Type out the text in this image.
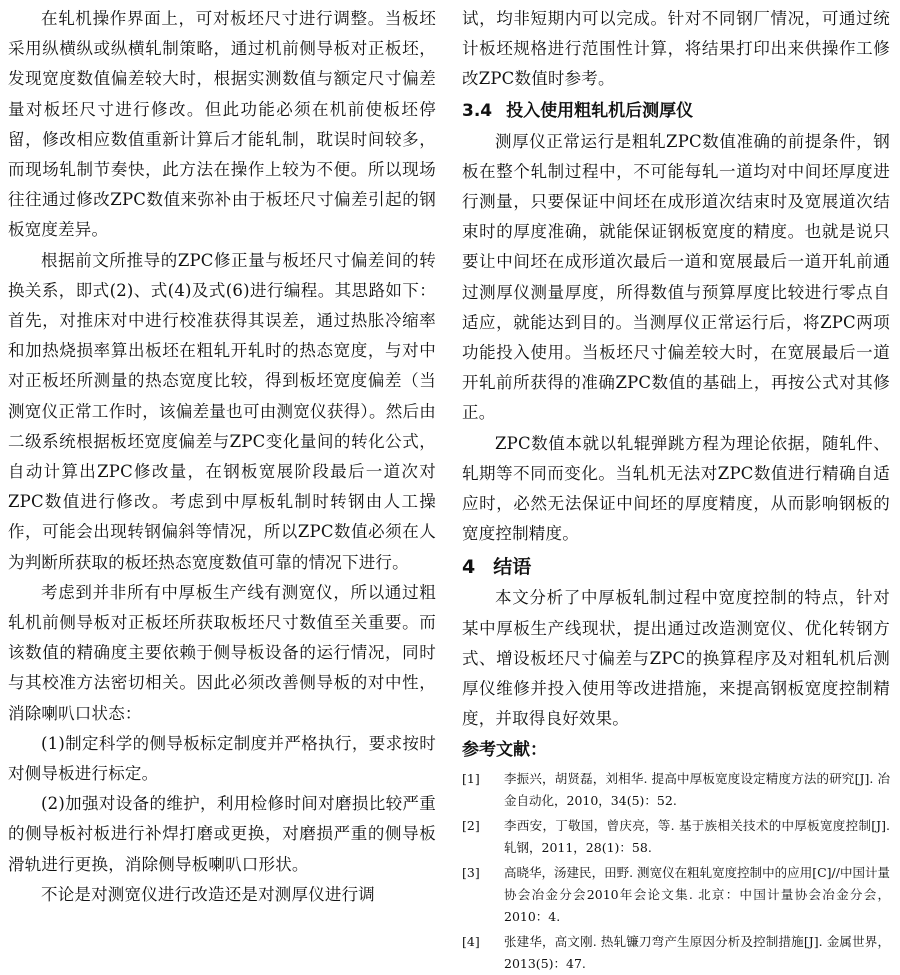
在轧机操作界面上，可对板坯尺寸进行调整。当板坯采用纵横纵或纵横轧制策略，通过机前侧导板对正板坯，发现宽度数值偏差较大时，根据实测数值与额定尺寸偏差量对板坯尺寸进行修改。但此功能必须在机前使板坯停留，修改相应数值重新计算后才能轧制，耽误时间较多，而现场轧制节奏快，此方法在操作上较为不便。所以现场往往通过修改ZPC数值来弥补由于板坯尺寸偏差引起的钢板宽度差异。

根据前文所推导的ZPC修正量与板坯尺寸偏差间的转换关系，即式(2)、式(4)及式(6)进行编程。其思路如下：首先，对推床对中进行校准获得其误差，通过热胀冷缩率和加热烧损率算出板坯在粗轧开轧时的热态宽度，与对中对正板坯所测量的热态宽度比较，得到板坯宽度偏差（当测宽仪正常工作时，该偏差量也可由测宽仪获得）。然后由二级系统根据板坯宽度偏差与ZPC变化量间的转化公式，自动计算出ZPC修改量，在钢板宽展阶段最后一道次对ZPC数值进行修改。考虑到中厚板轧制时转钢由人工操作，可能会出现转钢偏斜等情况，所以ZPC数值必须在人为判断所获取的板坯热态宽度数值可靠的情况下进行。

考虑到并非所有中厚板生产线有测宽仪，所以通过粗轧机前侧导板对正板坯所获取板坯尺寸数值至关重要。而该数值的精确度主要依赖于侧导板设备的运行情况，同时与其校准方法密切相关。因此必须改善侧导板的对中性，消除喇叭口状态：

(1)制定科学的侧导板标定制度并严格执行，要求按时对侧导板进行标定。

(2)加强对设备的维护，利用检修时间对磨损比较严重的侧导板衬板进行补焊打磨或更换，对磨损严重的侧导板滑轨进行更换，消除侧导板喇叭口形状。

不论是对测宽仪进行改造还是对测厚仪进行调

试，均非短期内可以完成。针对不同钢厂情况，可通过统计板坯规格进行范围性计算，将结果打印出来供操作工修改ZPC数值时参考。

3.4 投入使用粗轧机后测厚仪

测厚仪正常运行是粗轧ZPC数值准确的前提条件，钢板在整个轧制过程中，不可能每轧一道均对中间坯厚度进行测量，只要保证中间坯在成形道次结束时及宽展道次结束时的厚度准确，就能保证钢板宽度的精度。也就是说只要让中间坯在成形道次最后一道和宽展最后一道开轧前通过测厚仪测量厚度，所得数值与预算厚度比较进行零点自适应，就能达到目的。当测厚仪正常运行后，将ZPC两项功能投入使用。当板坯尺寸偏差较大时，在宽展最后一道开轧前所获得的准确ZPC数值的基础上，再按公式对其修正。

ZPC数值本就以轧辊弹跳方程为理论依据，随轧件、轧期等不同而变化。当轧机无法对ZPC数值进行精确自适应时，必然无法保证中间坯的厚度精度，从而影响钢板的宽度控制精度。

4 结语

本文分析了中厚板轧制过程中宽度控制的特点，针对某中厚板生产线现状，提出通过改造测宽仪、优化转钢方式、增设板坯尺寸偏差与ZPC的换算程序及对粗轧机后测厚仪维修并投入使用等改进措施，来提高钢板宽度控制精度，并取得良好效果。

参考文献：
[1]	李振兴，胡贤磊，刘相华. 提高中厚板宽度设定精度方法的研究[J]. 冶金自动化，2010，34(5)：52.
[2]	李西安，丁敬国，曾庆亮，等. 基于族相关技术的中厚板宽度控制[J]. 轧钢，2011，28(1)：58.
[3]	高晓华，汤建民，田野. 测宽仪在粗轧宽度控制中的应用[C]//中国计量协会冶金分会2010年会论文集. 北京：中国计量协会冶金分会，2010：4.
[4]	张建华，高文刚. 热轧镰刀弯产生原因分析及控制措施[J]. 金属世界，2013(5)：47.
